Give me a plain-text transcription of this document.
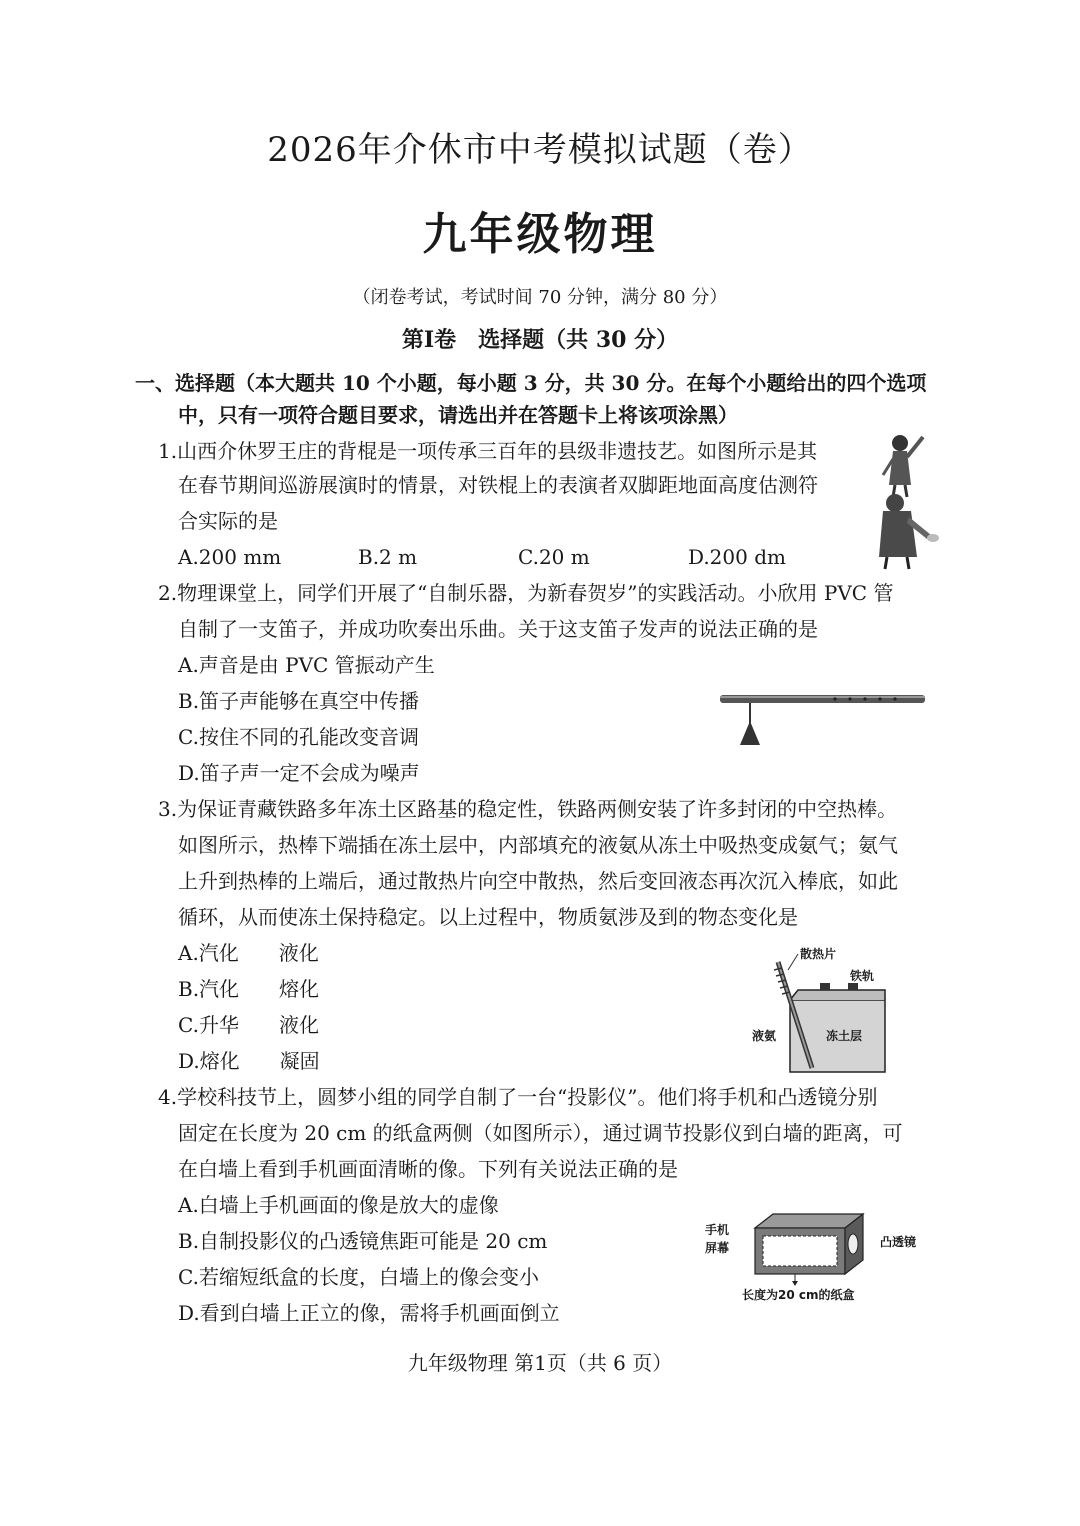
2026年介休市中考模拟试题（卷）
九年级物理
（闭卷考试，考试时间 70 分钟，满分 80 分）
第Ⅰ卷　选择题（共 30 分）
一、选择题（本大题共 10 个小题，每小题 3 分，共 30 分。在每个小题给出的四个选项
中，只有一项符合题目要求，请选出并在答题卡上将该项涂黑）
1.山西介休罗王庄的背棍是一项传承三百年的县级非遗技艺。如图所示是其
在春节期间巡游展演时的情景，对铁棍上的表演者双脚距地面高度估测符
合实际的是
A.200 mm	B.2 m	C.20 m	D.200 dm
2.物理课堂上，同学们开展了“自制乐器，为新春贺岁”的实践活动。小欣用 PVC 管
自制了一支笛子，并成功吹奏出乐曲。关于这支笛子发声的说法正确的是
A.声音是由 PVC 管振动产生
B.笛子声能够在真空中传播
C.按住不同的孔能改变音调
D.笛子声一定不会成为噪声
3.为保证青藏铁路多年冻土区路基的稳定性，铁路两侧安装了许多封闭的中空热棒。
如图所示，热棒下端插在冻土层中，内部填充的液氨从冻土中吸热变成氨气；氨气
上升到热棒的上端后，通过散热片向空中散热，然后变回液态再次沉入棒底，如此
循环，从而使冻土保持稳定。以上过程中，物质氨涉及到的物态变化是
A.汽化　　液化
B.汽化　　熔化
C.升华　　液化
D.熔化　　凝固
散热片
铁轨
液氨	冻土层
4.学校科技节上，圆梦小组的同学自制了一台“投影仪”。他们将手机和凸透镜分别
固定在长度为 20 cm 的纸盒两侧（如图所示），通过调节投影仪到白墙的距离，可
在白墙上看到手机画面清晰的像。下列有关说法正确的是
A.白墙上手机画面的像是放大的虚像
B.自制投影仪的凸透镜焦距可能是 20 cm
C.若缩短纸盒的长度，白墙上的像会变小
D.看到白墙上正立的像，需将手机画面倒立
手机
屏幕	凸透镜
长度为20 cm的纸盒
九年级物理 第1页（共 6 页）
